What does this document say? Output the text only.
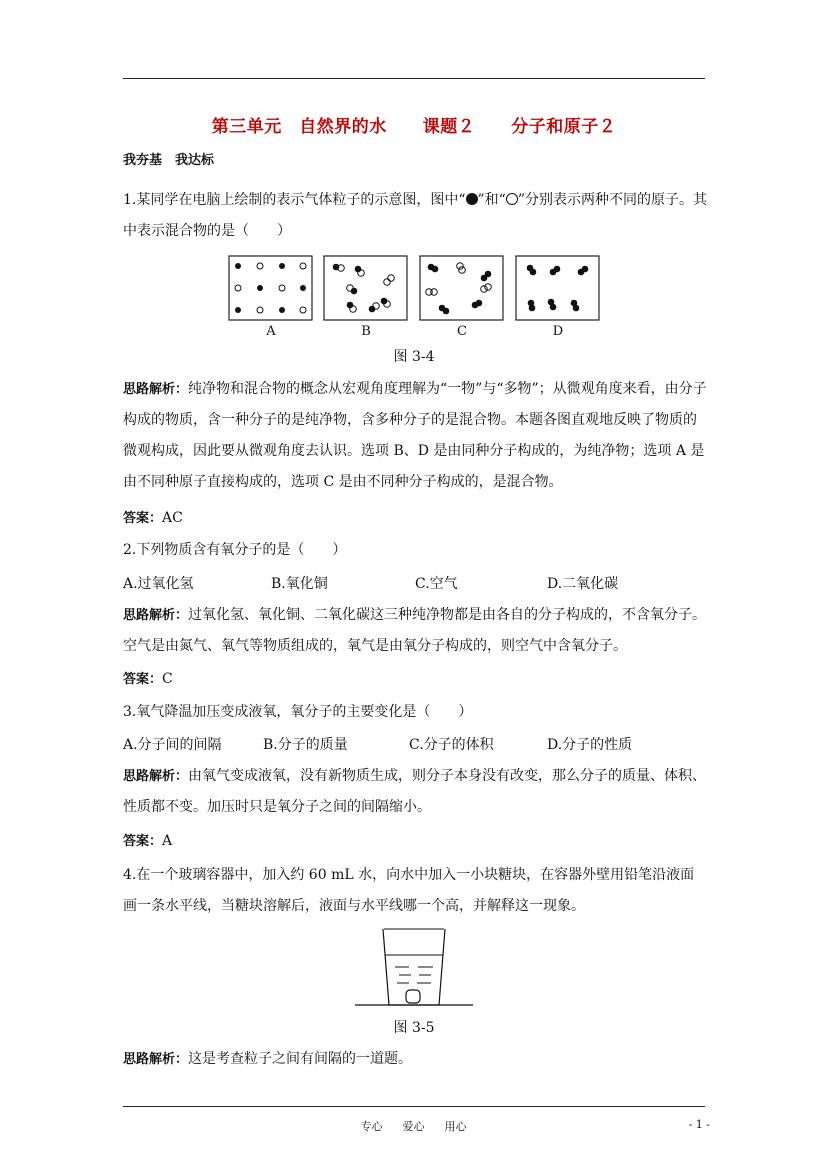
第三单元　自然界的水 课题２ 分子和原子２
我夯基　我达标
1.某同学在电脑上绘制的表示气体粒子的示意图，图中“ ”和“ ”分别表示两种不同的原子。其中表示混合物的是（　　）
A	B	C	D
图 3-4
思路解析：纯净物和混合物的概念从宏观角度理解为“一物”与“多物”；从微观角度来看，由分子构成的物质，含一种分子的是纯净物，含多种分子的是混合物。本题各图直观地反映了物质的微观构成，因此要从微观角度去认识。选项 B、D 是由同种分子构成的，为纯净物；选项 A 是由不同种原子直接构成的，选项 C 是由不同种分子构成的，是混合物。
答案：AC
2.下列物质含有氧分子的是（　　）
A.过氧化氢	B.氧化铜	C.空气	D.二氧化碳
思路解析：过氧化氢、氧化铜、二氧化碳这三种纯净物都是由各自的分子构成的，不含氧分子。空气是由氮气、氧气等物质组成的，氧气是由氧分子构成的，则空气中含氧分子。
答案：C
3.氧气降温加压变成液氧，氧分子的主要变化是（　　）
A.分子间的间隔	B.分子的质量	C.分子的体积	D.分子的性质
思路解析：由氧气变成液氧，没有新物质生成，则分子本身没有改变，那么分子的质量、体积、性质都不变。加压时只是氧分子之间的间隔缩小。
答案：A
4.在一个玻璃容器中，加入约 60 mL 水，向水中加入一小块糖块，在容器外壁用铅笔沿液面画一条水平线，当糖块溶解后，液面与水平线哪一个高，并解释这一现象。
图 3-5
思路解析：这是考查粒子之间有间隔的一道题。
专心 爱心 用心	- 1 -
